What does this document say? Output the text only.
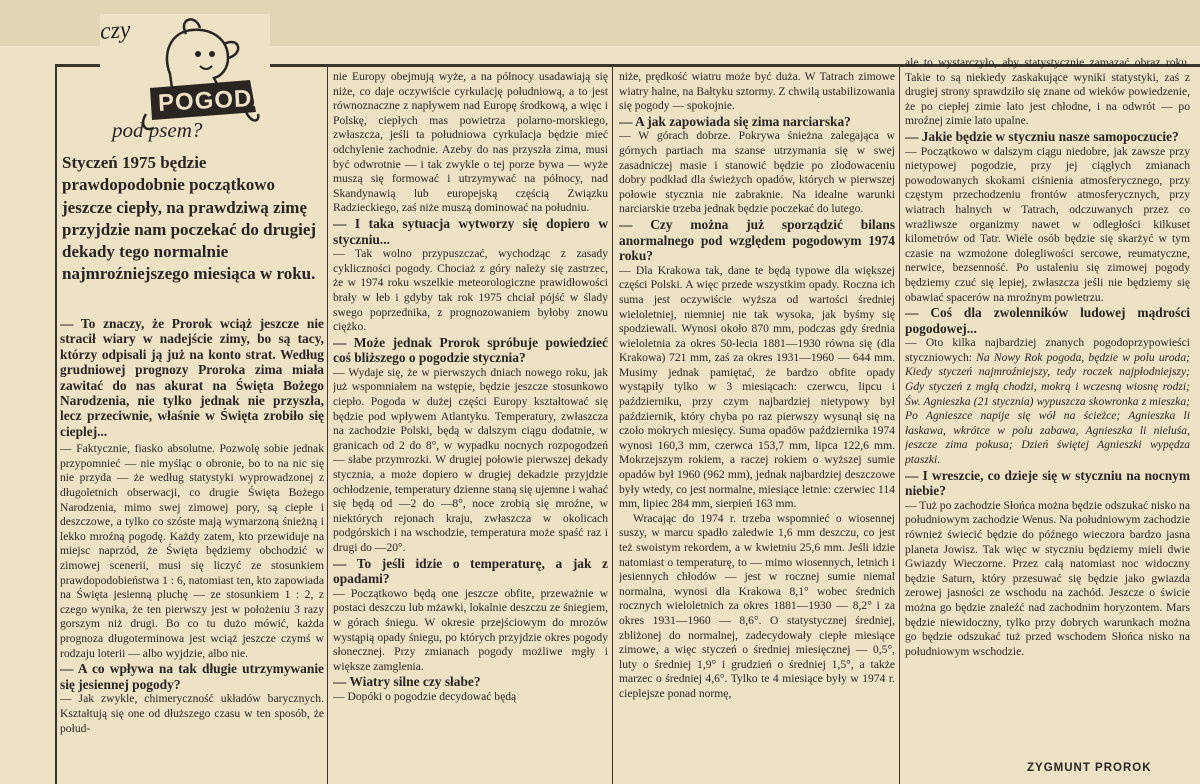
czy
POGODA
pod psem?
Styczeń 1975 będzie prawdopodobnie początkowo jeszcze ciepły, na prawdziwą zimę przyjdzie nam poczekać do drugiej dekady tego normalnie najmroźniejszego miesiąca w roku.

— To znaczy, że Prorok wciąż jeszcze nie stracił wiary w nadejście zimy, bo są tacy, którzy odpisali ją już na konto strat. Według grudniowej prognozy Proroka zima miała zawitać do nas akurat na Święta Bożego Narodzenia, nie tylko jednak nie przyszła, lecz przeciwnie, właśnie w Święta zrobiło się cieplej...

— Faktycznie, fiasko absolutne. Pozwolę sobie jednak przypomnieć — nie myśląc o obronie, bo to na nic się nie przyda — że według statystyki wyprowadzonej z długoletnich obserwacji, co drugie Święta Bożego Narodzenia, mimo swej zimowej pory, są ciepłe i deszczowe, a tylko co szóste mają wymarzoną śnieżną i lekko mroźną pogodę. Każdy zatem, kto przewiduje na miejsc naprzód, że Święta będziemy obchodzić w zimowej scenerii, musi się liczyć ze stosunkiem prawdopodobieństwa 1 : 6, natomiast ten, kto zapowiada na Święta jesienną pluchę — ze stosunkiem 1 : 2, z czego wynika, że ten pierwszy jest w położeniu 3 razy gorszym niż drugi. Bo co tu dużo mówić, każda prognoza długoterminowa jest wciąż jeszcze czymś w rodzaju loterii — albo wyjdzie, albo nie.

— A co wpływa na tak długie utrzymywanie się jesiennej pogody?

— Jak zwykle, chimeryczność układów barycznych. Kształtują się one od dłuższego czasu w ten sposób, że połud-

nie Europy obejmują wyże, a na północy usadawiają się niże, co daje oczywiście cyrkulację południową, a to jest równoznaczne z napływem nad Europę środkową, a więc i Polskę, ciepłych mas powietrza polarno-morskiego, zwłaszcza, jeśli ta południowa cyrkulacja będzie mieć odchylenie zachodnie. Azeby do nas przyszła zima, musi być odwrotnie — i tak zwykle o tej porze bywa — wyże muszą się formować i utrzymywać na północy, nad Skandynawią lub europejską częścią Związku Radzieckiego, zaś niże muszą dominować na południu.

— I taka sytuacja wytworzy się dopiero w styczniu...

— Tak wolno przypuszczać, wychodząc z zasady cykliczności pogody. Chociaż z góry należy się zastrzec, że w 1974 roku wszelkie meteorologiczne prawidłowości brały w łeb i gdyby tak rok 1975 chciał pójść w ślady swego poprzednika, z prognozowaniem byłoby znowu ciężko.

— Może jednak Prorok spróbuje powiedzieć coś bliższego o pogodzie stycznia?

— Wydaje się, że w pierwszych dniach nowego roku, jak już wspomniałem na wstępie, będzie jeszcze stosunkowo ciepło. Pogoda w dużej części Europy kształtować się będzie pod wpływem Atlantyku. Temperatury, zwłaszcza na zachodzie Polski, będą w dalszym ciągu dodatnie, w granicach od 2 do 8°, w wypadku nocnych rozpogodzeń — słabe przymrozki. W drugiej połowie pierwszej dekady stycznia, a może dopiero w drugiej dekadzie przyjdzie ochłodzenie, temperatury dzienne staną się ujemne i wahać się będą od —2 do —8°, noce zrobią się mroźne, w niektórych rejonach kraju, zwłaszcza w okolicach podgórskich i na wschodzie, temperatura może spaść raz i drugi do —20°.

— To jeśli idzie o temperaturę, a jak z opadami?

— Początkowo będą one jeszcze obfite, przeważnie w postaci deszczu lub mżawki, lokalnie deszczu ze śniegiem, w górach śniegu. W okresie przejściowym do mrozów wystąpią opady śniegu, po których przyjdzie okres pogody słonecznej. Przy zmianach pogody możliwe mgły i większe zamglenia.

— Wiatry silne czy słabe?

— Dopóki o pogodzie decydować będą

niże, prędkość wiatru może być duża. W Tatrach zimowe wiatry halne, na Bałtyku sztormy. Z chwilą ustabilizowania się pogody — spokojnie.

— A jak zapowiada się zima narciarska?

— W górach dobrze. Pokrywa śnieżna zalegająca w górnych partiach ma szanse utrzymania się w swej zasadniczej masie i stanowić będzie po zlodowaceniu dobry podkład dla świeżych opadów, których w pierwszej połowie stycznia nie zabraknie. Na idealne warunki narciarskie trzeba jednak będzie poczekać do lutego.

— Czy można już sporządzić bilans anormalnego pod względem pogodowym 1974 roku?

— Dla Krakowa tak, dane te będą typowe dla większej części Polski. A więc przede wszystkim opady. Roczna ich suma jest oczywiście wyższa od wartości średniej wieloletniej, niemniej nie tak wysoka, jak byśmy się spodziewali. Wynosi około 870 mm, podczas gdy średnia wieloletnia za okres 50-lecia 1881—1930 równa się (dla Krakowa) 721 mm, zaś za okres 1931—1960 — 644 mm. Musimy jednak pamiętać, że bardzo obfite opady wystąpiły tylko w 3 miesiącach: czerwcu, lipcu i październiku, przy czym najbardziej nietypowy był październik, który chyba po raz pierwszy wysunął się na czoło mokrych miesięcy. Suma opadów października 1974 wynosi 160,3 mm, czerwca 153,7 mm, lipca 122,6 mm. Mokrzejszym rokiem, a raczej rokiem o wyższej sumie opadów był 1960 (962 mm), jednak najbardziej deszczowe były wtedy, co jest normalne, miesiące letnie: czerwiec 114 mm, lipiec 284 mm, sierpień 163 mm.

Wracając do 1974 r. trzeba wspomnieć o wiosennej suszy, w marcu spadło zaledwie 1,6 mm deszczu, co jest też swoistym rekordem, a w kwietniu 25,6 mm. Jeśli idzie natomiast o temperaturę, to — mimo wiosennych, letnich i jesiennych chłodów — jest w rocznej sumie niemal normalna, wynosi dla Krakowa 8,1° wobec średnich rocznych wieloletnich za okres 1881—1930 — 8,2° i za okres 1931—1960 — 8,6°. O statystycznej średniej, zbliżonej do normalnej, zadecydowały ciepłe miesiące zimowe, a więc styczeń o średniej miesięcznej — 0,5°, luty o średniej 1,9° i grudzień o średniej 1,5°, a także marzec o średniej 4,6°. Tylko te 4 miesiące były w 1974 r. cieplejsze ponad normę,

ale to wystarczyło, aby statystycznie zamazać obraz roku. Takie to są niekiedy zaskakujące wyniki statystyki, zaś z drugiej strony sprawdziło się znane od wieków powiedzenie, że po ciepłej zimie lato jest chłodne, i na odwrót — po mroźnej zimie lato upalne.

— Jakie będzie w styczniu nasze samopoczucie?

— Początkowo w dalszym ciągu niedobre, jak zawsze przy nietypowej pogodzie, przy jej ciągłych zmianach powodowanych skokami ciśnienia atmosferycznego, przy częstym przechodzeniu frontów atmosferycznych, przy wiatrach halnych w Tatrach, odczuwanych przez co wrażliwsze organizmy nawet w odległości kilkuset kilometrów od Tatr. Wiele osób będzie się skarżyć w tym czasie na wzmożone dolegliwości sercowe, reumatyczne, nerwice, bezsenność. Po ustaleniu się zimowej pogody będziemy czuć się lepiej, zwłaszcza jeśli nie będziemy się obawiać spacerów na mroźnym powietrzu.

— Coś dla zwolenników ludowej mądrości pogodowej...

— Oto kilka najbardziej znanych pogodoprzypowieści styczniowych: Na Nowy Rok pogoda, będzie w polu uroda; Kiedy styczeń najmroźniejszy, tedy roczek najpłodniejszy; Gdy styczeń z mgłą chodzi, mokrą i wczesną wiosnę rodzi; Św. Agnieszka (21 stycznia) wypuszcza skowronka z mieszka; Po Agnieszce napije się wół na ścieżce; Agnieszka li łaskawa, wkrótce w polu zabawa, Agnieszka li nieluśa, jeszcze zima pokusa; Dzień świętej Agnieszki wypędza ptaszki.

— I wreszcie, co dzieje się w styczniu na nocnym niebie?

— Tuż po zachodzie Słońca można będzie odszukać nisko na południowym zachodzie Wenus. Na południowym zachodzie również świecić będzie do późnego wieczora bardzo jasna planeta Jowisz. Tak więc w styczniu będziemy mieli dwie Gwiazdy Wieczorne. Przez całą natomiast noc widoczny będzie Saturn, który przesuwać się będzie jako gwiazda zerowej jasności ze wschodu na zachód. Jeszcze o świcie można go będzie znaleźć nad zachodnim horyzontem. Mars będzie niewidoczny, tylko przy dobrych warunkach można go będzie odszukać tuż przed wschodem Słońca nisko na południowym wschodzie.

ZYGMUNT PROROK
